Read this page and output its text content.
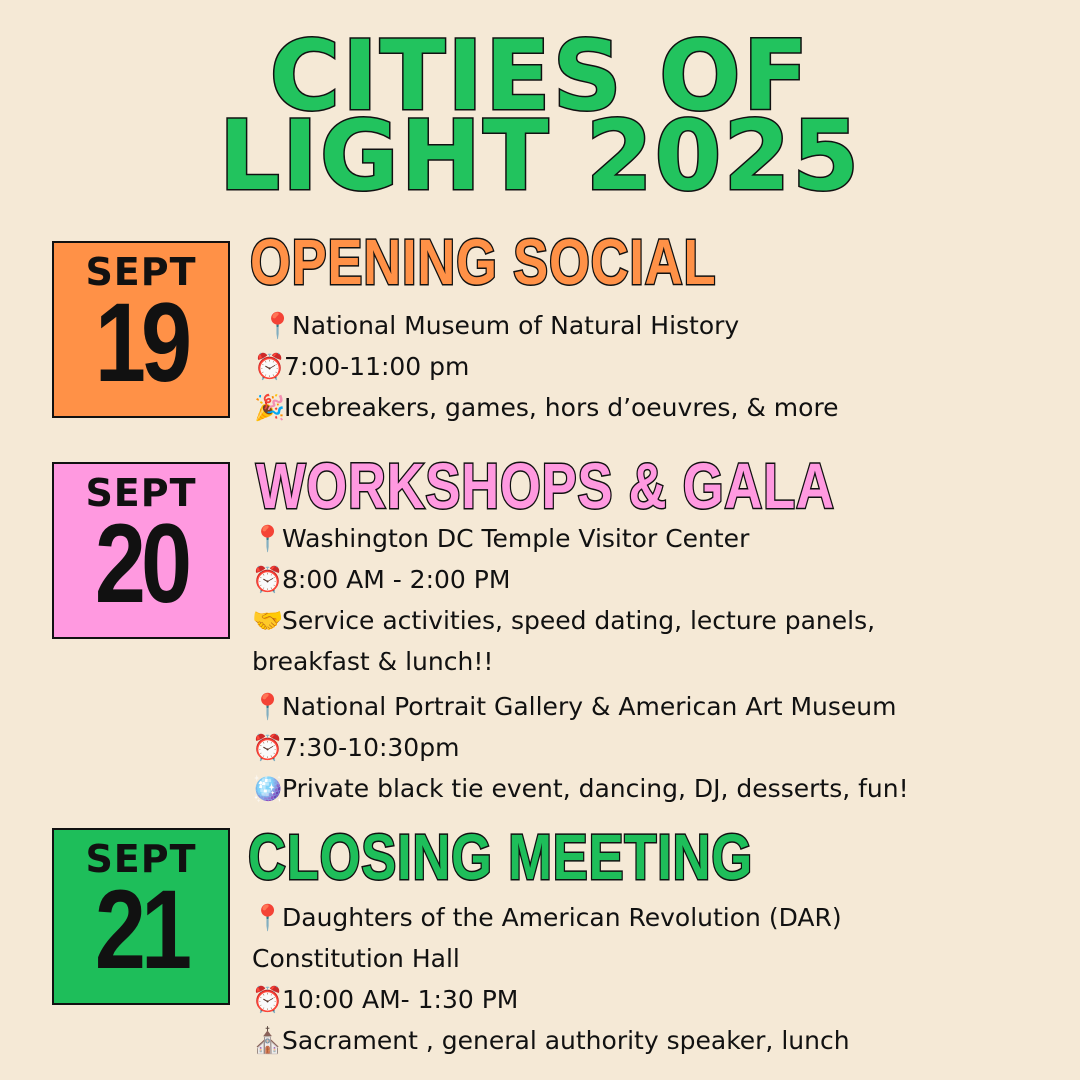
CITIES OF
LIGHT 2025
SEPT
19
OPENING SOCIAL
📍National Museum of Natural History
⏰7:00-11:00 pm
🎉Icebreakers, games, hors d’oeuvres, & more
SEPT
20
WORKSHOPS & GALA
📍Washington DC Temple Visitor Center
⏰8:00 AM - 2:00 PM
🤝Service activities, speed dating, lecture panels,
breakfast & lunch!!
📍National Portrait Gallery & American Art Museum
⏰7:30-10:30pm
🪩Private black tie event, dancing, DJ, desserts, fun!
SEPT
21
CLOSING MEETING
📍Daughters of the American Revolution (DAR)
Constitution Hall
⏰10:00 AM- 1:30 PM
⛪Sacrament , general authority speaker, lunch
